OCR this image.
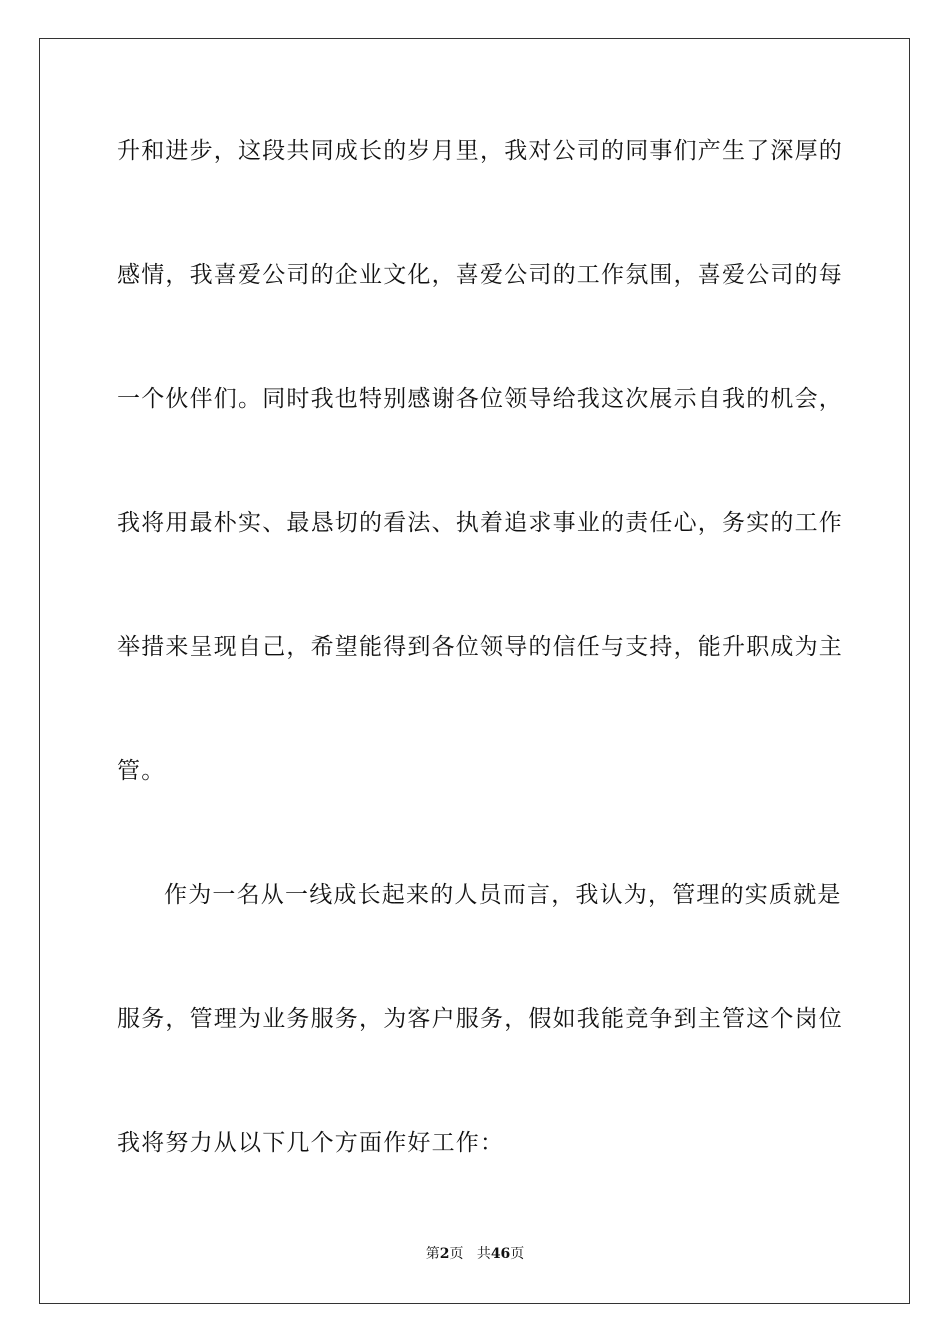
升和进步，这段共同成长的岁月里，我对公司的同事们产生了深厚的
感情，我喜爱公司的企业文化，喜爱公司的工作氛围，喜爱公司的每
一个伙伴们。同时我也特别感谢各位领导给我这次展示自我的机会，
我将用最朴实、最恳切的看法、执着追求事业的责任心，务实的工作
举措来呈现自己，希望能得到各位领导的信任与支持，能升职成为主
管。
作为一名从一线成长起来的人员而言，我认为，管理的实质就是
服务，管理为业务服务，为客户服务，假如我能竞争到主管这个岗位
我将努力从以下几个方面作好工作：
第2页 共46页
